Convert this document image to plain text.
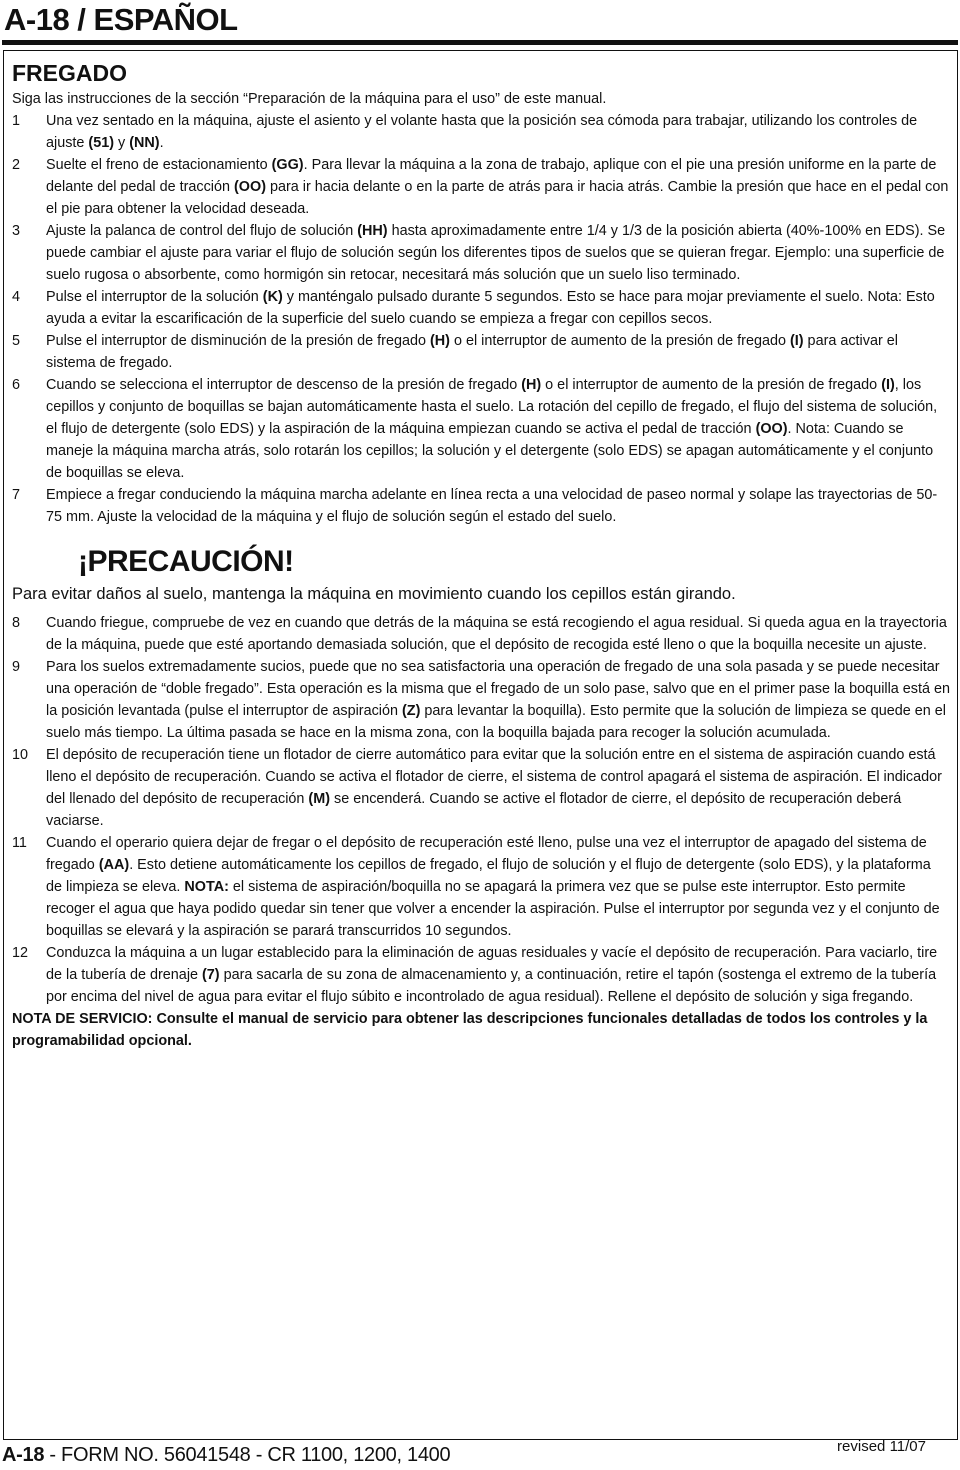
A-18 / ESPAÑOL
FREGADO

Siga las instrucciones de la sección “Preparación de la máquina para el uso” de este manual.

1 Una vez sentado en la máquina, ajuste el asiento y el volante hasta que la posición sea cómoda para trabajar, utilizando los controles de ajuste (51) y (NN).
2 Suelte el freno de estacionamiento (GG). Para llevar la máquina a la zona de trabajo, aplique con el pie una presión uniforme en la parte de delante del pedal de tracción (OO) para ir hacia delante o en la parte de atrás para ir hacia atrás. Cambie la presión que hace en el pedal con el pie para obtener la velocidad deseada.
3 Ajuste la palanca de control del flujo de solución (HH) hasta aproximadamente entre 1/4 y 1/3 de la posición abierta (40%-100% en EDS). Se puede cambiar el ajuste para variar el flujo de solución según los diferentes tipos de suelos que se quieran fregar. Ejemplo: una superficie de suelo rugosa o absorbente, como hormigón sin retocar, necesitará más solución que un suelo liso terminado.
4 Pulse el interruptor de la solución (K) y manténgalo pulsado durante 5 segundos. Esto se hace para mojar previamente el suelo. Nota: Esto ayuda a evitar la escarificación de la superficie del suelo cuando se empieza a fregar con cepillos secos.
5 Pulse el interruptor de disminución de la presión de fregado (H) o el interruptor de aumento de la presión de fregado (I) para activar el sistema de fregado.
6 Cuando se selecciona el interruptor de descenso de la presión de fregado (H) o el interruptor de aumento de la presión de fregado (I), los cepillos y conjunto de boquillas se bajan automáticamente hasta el suelo. La rotación del cepillo de fregado, el flujo del sistema de solución, el flujo de detergente (solo EDS) y la aspiración de la máquina empiezan cuando se activa el pedal de tracción (OO). Nota: Cuando se maneje la máquina marcha atrás, solo rotarán los cepillos; la solución y el detergente (solo EDS) se apagan automáticamente y el conjunto de boquillas se eleva.
7 Empiece a fregar conduciendo la máquina marcha adelante en línea recta a una velocidad de paseo normal y solape las trayectorias de 50-75 mm. Ajuste la velocidad de la máquina y el flujo de solución según el estado del suelo.
¡PRECAUCIÓN!
Para evitar daños al suelo, mantenga la máquina en movimiento cuando los cepillos están girando.
8 Cuando friegue, compruebe de vez en cuando que detrás de la máquina se está recogiendo el agua residual. Si queda agua en la trayectoria de la máquina, puede que esté aportando demasiada solución, que el depósito de recogida esté lleno o que la boquilla necesite un ajuste.
9 Para los suelos extremadamente sucios, puede que no sea satisfactoria una operación de fregado de una sola pasada y se puede necesitar una operación de “doble fregado”. Esta operación es la misma que el fregado de un solo pase, salvo que en el primer pase la boquilla está en la posición levantada (pulse el interruptor de aspiración (Z) para levantar la boquilla). Esto permite que la solución de limpieza se quede en el suelo más tiempo. La última pasada se hace en la misma zona, con la boquilla bajada para recoger la solución acumulada.
10 El depósito de recuperación tiene un flotador de cierre automático para evitar que la solución entre en el sistema de aspiración cuando está lleno el depósito de recuperación. Cuando se activa el flotador de cierre, el sistema de control apagará el sistema de aspiración. El indicador del llenado del depósito de recuperación (M) se encenderá. Cuando se active el flotador de cierre, el depósito de recuperación deberá vaciarse.
11 Cuando el operario quiera dejar de fregar o el depósito de recuperación esté lleno, pulse una vez el interruptor de apagado del sistema de fregado (AA). Esto detiene automáticamente los cepillos de fregado, el flujo de solución y el flujo de detergente (solo EDS), y la plataforma de limpieza se eleva. NOTA: el sistema de aspiración/boquilla no se apagará la primera vez que se pulse este interruptor. Esto permite recoger el agua que haya podido quedar sin tener que volver a encender la aspiración. Pulse el interruptor por segunda vez y el conjunto de boquillas se elevará y la aspiración se parará transcurridos 10 segundos.
12 Conduzca la máquina a un lugar establecido para la eliminación de aguas residuales y vacíe el depósito de recuperación. Para vaciarlo, tire de la tubería de drenaje (7) para sacarla de su zona de almacenamiento y, a continuación, retire el tapón (sostenga el extremo de la tubería por encima del nivel de agua para evitar el flujo súbito e incontrolado de agua residual). Rellene el depósito de solución y siga fregando.
NOTA DE SERVICIO: Consulte el manual de servicio para obtener las descripciones funcionales detalladas de todos los controles y la programabilidad opcional.
A-18 - FORM NO. 56041548 - CR 1100, 1200, 1400	revised 11/07
